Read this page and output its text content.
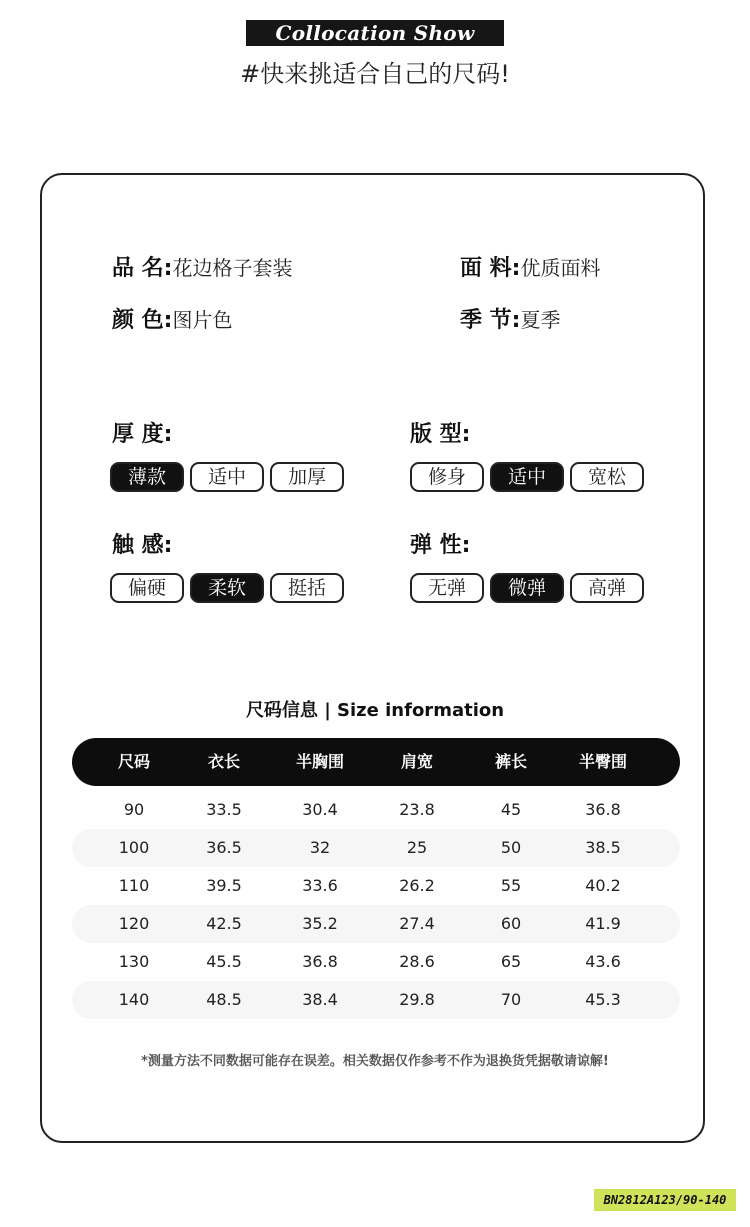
Collocation Show
#快来挑适合自己的尺码!
品 名:花边格子套装	面 料:优质面料
颜 色:图片色	季 节:夏季
厚 度:
薄款	适中	加厚
版 型:
修身	适中	宽松
触 感:
偏硬	柔软	挺括
弹 性:
无弹	微弹	高弹
尺码信息 | Size information
尺码	衣长	半胸围	肩宽	裤长	半臀围
90	33.5	30.4	23.8	45	36.8
100	36.5	32	25	50	38.5
110	39.5	33.6	26.2	55	40.2
120	42.5	35.2	27.4	60	41.9
130	45.5	36.8	28.6	65	43.6
140	48.5	38.4	29.8	70	45.3
*测量方法不同数据可能存在误差。相关数据仅作参考不作为退换货凭据敬请谅解!
BN2812A123/90-140
